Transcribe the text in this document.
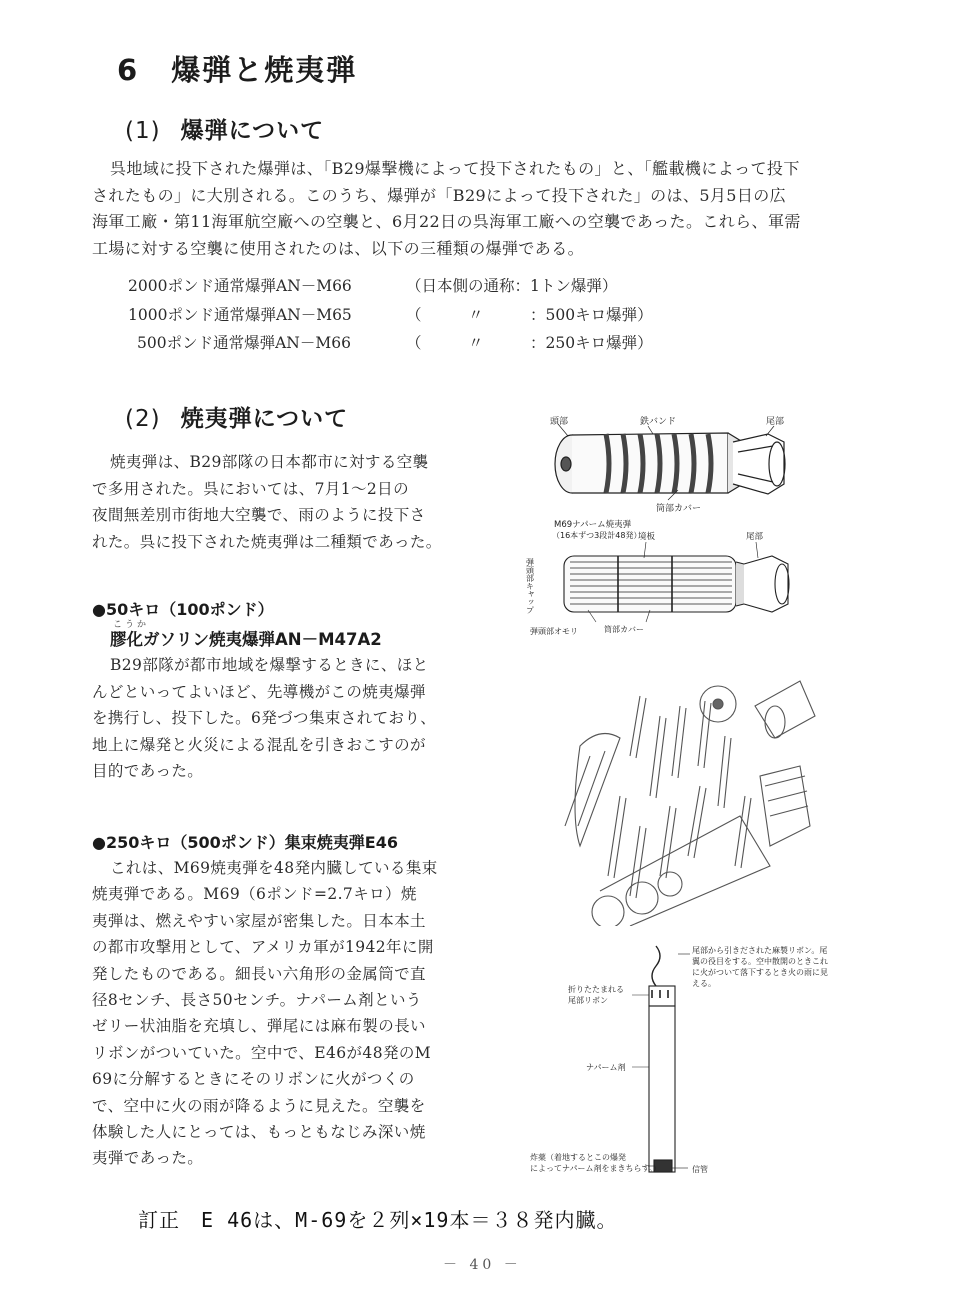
6 爆弾と焼夷弾
(1) 爆弾について
呉地域に投下された爆弾は、「B29爆撃機によって投下されたもの」と、「艦載機によって投下
されたもの」に大別される。このうち、爆弾が「B29によって投下された」のは、5月5日の広
海軍工廠・第11海軍航空廠への空襲と、6月22日の呉海軍工廠への空襲であった。これら、軍需
工場に対する空襲に使用されたのは、以下の三種類の爆弾である。
2000ポンド通常爆弾AN－M66	（日本側の通称：1トン爆弾）
1000ポンド通常爆弾AN－M65	（　　　〃　　　：500キロ爆弾）
500ポンド通常爆弾AN－M66	（　　　〃　　　：250キロ爆弾）
(2) 焼夷弾について
焼夷弾は、B29部隊の日本都市に対する空襲
で多用された。呉においては、7月1～2日の
夜間無差別市街地大空襲で、雨のように投下さ
れた。呉に投下された焼夷弾は二種類であった。
●50キロ（100ポンド）
こうか
膠化ガソリン焼夷爆弾AN－M47A2
B29部隊が都市地域を爆撃するときに、ほと
んどといってよいほど、先導機がこの焼夷爆弾
を携行し、投下した。6発づつ集束されており、
地上に爆発と火災による混乱を引きおこすのが
目的であった。
●250キロ（500ポンド）集束焼夷弾E46
これは、M69焼夷弾を48発内臓している集束
焼夷弾である。M69（6ポンド=2.7キロ）焼
夷弾は、燃えやすい家屋が密集した。日本本土
の都市攻撃用として、アメリカ軍が1942年に開
発したものである。細長い六角形の金属筒で直
径8センチ、長さ50センチ。ナパーム剤という
ゼリー状油脂を充填し、弾尾には麻布製の長い
リボンがついていた。空中で、E46が48発のM
69に分解するときにそのリボンに火がつくの
で、空中に火の雨が降るように見えた。空襲を
体験した人にとっては、もっともなじみ深い焼
夷弾であった。
頭部	鉄バンド	尾部
筒部カバー
M69ナパーム焼夷弾
（16本ずつ3段計48発）
境板	尾部
弾頭部キャップ
弾頭部オモリ	筒部カバー
尾部から引きだされた麻製リボン。尾
翼の役目をする。空中散開のときこれ
に火がついて落下するとき火の雨に見
える。
折りたたまれる
尾部リボン
ナパーム剤
炸薬（着地するとこの爆発
によってナパーム剤をまきちらす。）	信管
訂正　E 46は、M-69を２列×19本＝３８発内臓。
－ 40 －
